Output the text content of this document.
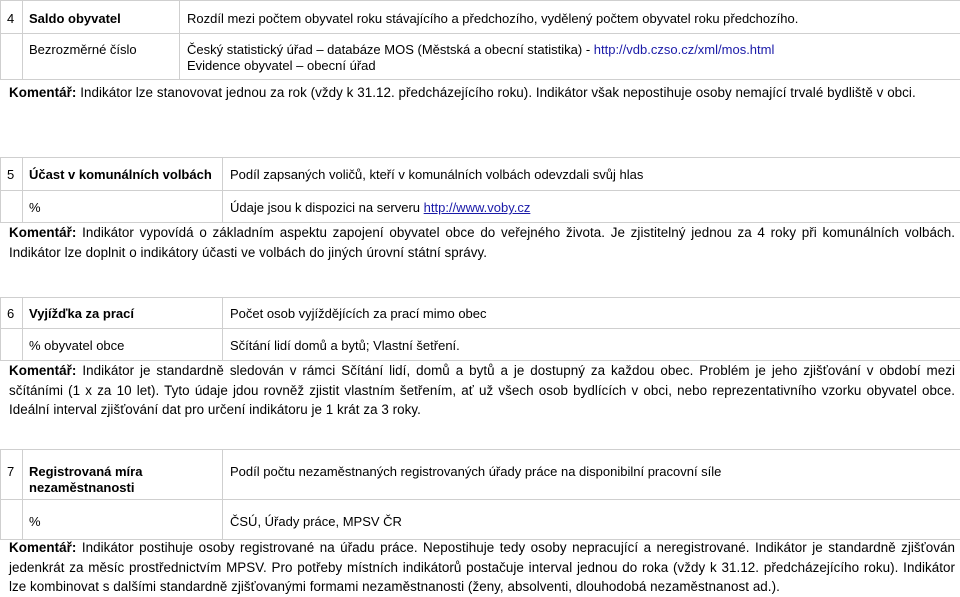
4	Saldo obyvatel	Rozdíl mezi počtem obyvatel roku stávajícího a předchozího, vydělený počtem obyvatel roku předchozího.
	Bezrozměrné číslo	Český statistický úřad – databáze MOS (Městská a obecní statistika) - http://vdb.czso.cz/xml/mos.html
Evidence obyvatel – obecní úřad
Komentář: Indikátor lze stanovovat jednou za rok (vždy k 31.12. předcházejícího roku). Indikátor však nepostihuje osoby nemající trvalé bydliště v obci.
5	Účast v komunálních volbách	Podíl zapsaných voličů, kteří v komunálních volbách odevzdali svůj hlas
	%	Údaje jsou k dispozici na serveru http://www.voby.cz
Komentář: Indikátor vypovídá o základním aspektu zapojení obyvatel obce do veřejného života. Je zjistitelný jednou za 4 roky při komunálních volbách. Indikátor lze doplnit o indikátory účasti ve volbách do jiných úrovní státní správy.
6	Vyjížďka za prací	Počet osob vyjíždějících za prací mimo obec
	% obyvatel obce	Sčítání lidí domů a bytů; Vlastní šetření.
Komentář: Indikátor je standardně sledován v rámci Sčítání lidí, domů a bytů a je dostupný za každou obec. Problém je jeho zjišťování v období mezi sčítáními (1 x za 10 let). Tyto údaje jdou rovněž zjistit vlastním šetřením, ať už všech osob bydlících v obci, nebo reprezentativního vzorku obyvatel obce. Ideální interval zjišťování dat pro určení indikátoru je 1 krát za 3 roky.
7	Registrovaná míra nezaměstnanosti	Podíl počtu nezaměstnaných registrovaných úřady práce na disponibilní pracovní síle
	%	ČSÚ, Úřady práce, MPSV ČR
Komentář: Indikátor postihuje osoby registrované na úřadu práce. Nepostihuje tedy osoby nepracující a neregistrované. Indikátor je standardně zjišťován jedenkrát za měsíc prostřednictvím MPSV. Pro potřeby místních indikátorů postačuje interval jednou do roka (vždy k 31.12. předcházejícího roku). Indikátor lze kombinovat s dalšími standardně zjišťovanými formami nezaměstnanosti (ženy, absolventi, dlouhodobá nezaměstnanost ad.).
